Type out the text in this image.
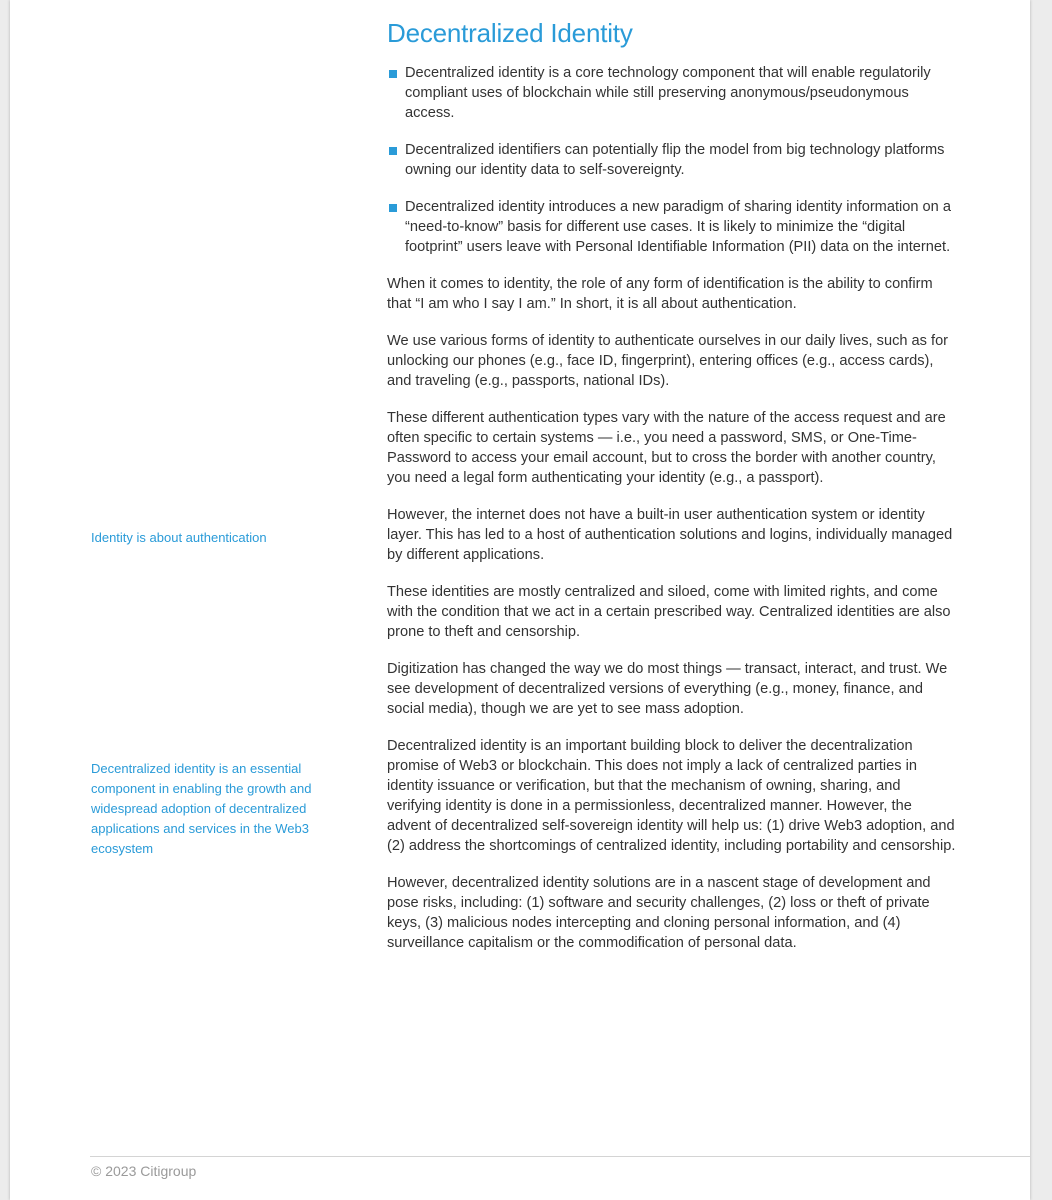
Decentralized Identity
Decentralized identity is a core technology component that will enable regulatorily compliant uses of blockchain while still preserving anonymous/pseudonymous access.
Decentralized identifiers can potentially flip the model from big technology platforms owning our identity data to self-sovereignty.
Decentralized identity introduces a new paradigm of sharing identity information on a “need-to-know” basis for different use cases. It is likely to minimize the “digital footprint” users leave with Personal Identifiable Information (PII) data on the internet.

When it comes to identity, the role of any form of identification is the ability to confirm that “I am who I say I am.” In short, it is all about authentication.

We use various forms of identity to authenticate ourselves in our daily lives, such as for unlocking our phones (e.g., face ID, fingerprint), entering offices (e.g., access cards), and traveling (e.g., passports, national IDs).

These different authentication types vary with the nature of the access request and are often specific to certain systems — i.e., you need a password, SMS, or One-Time-Password to access your email account, but to cross the border with another country, you need a legal form authenticating your identity (e.g., a passport).

However, the internet does not have a built-in user authentication system or identity layer. This has led to a host of authentication solutions and logins, individually managed by different applications.

These identities are mostly centralized and siloed, come with limited rights, and come with the condition that we act in a certain prescribed way. Centralized identities are also prone to theft and censorship.

Digitization has changed the way we do most things — transact, interact, and trust. We see development of decentralized versions of everything (e.g., money, finance, and social media), though we are yet to see mass adoption.

Decentralized identity is an important building block to deliver the decentralization promise of Web3 or blockchain. This does not imply a lack of centralized parties in identity issuance or verification, but that the mechanism of owning, sharing, and verifying identity is done in a permissionless, decentralized manner. However, the advent of decentralized self-sovereign identity will help us: (1) drive Web3 adoption, and (2) address the shortcomings of centralized identity, including portability and censorship.

However, decentralized identity solutions are in a nascent stage of development and pose risks, including: (1) software and security challenges, (2) loss or theft of private keys, (3) malicious nodes intercepting and cloning personal information, and (4) surveillance capitalism or the commodification of personal data.

Identity is about authentication

Decentralized identity is an essential component in enabling the growth and widespread adoption of decentralized applications and services in the Web3 ecosystem

© 2023 Citigroup
